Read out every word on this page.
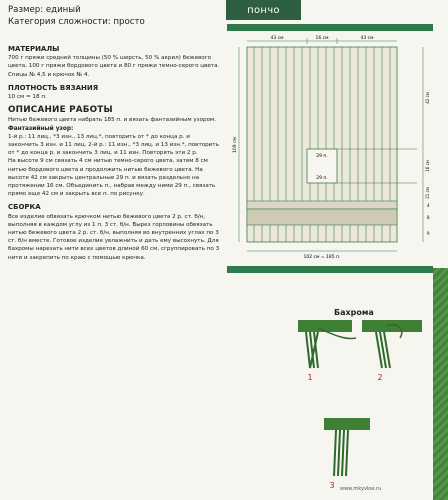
Размер: единый
Категория сложности: просто
пончо
МАТЕРИАЛЫ

700 г пряжи средней толщины (50 % шерсть, 50 % акрил) бежевого цвета, 100 г пряжи бордового цвета и 80 г пряжи темно-серого цвета.

Спицы № 4,5 и крючок № 4.

ПЛОТНОСТЬ ВЯЗАНИЯ

10 см = 18 п.

ОПИСАНИЕ РАБОТЫ

Нитью бежевого цвета набрать 185 п. и вязать фантазийным узором.

Фантазийный узор:

1-й р.: 11 лиц., *3 изн., 13 лиц.*, повторить от * до конца р. и закончить 3 изн. и 11 лиц. 2-й р.: 11 изн., *3 лиц. и 13 изн.*, повторить от * до конца р. и закончить 3 лиц. и 11 изн. Повторять эти 2 р.

На высоте 9 см связать 4 см нитью темно-серого цвета, затем 8 см нитью бордового цвета и продолжить нитью бежевого цвета. На высоте 42 см закрыть центральные 29 п. и вязать раздельно на протяжении 16 см. Объединить п., набрав между ними 29 п., связать прямо еще 42 см и закрыть все п. по рисунку.

СБОРКА

Все изделие обвязать крючком нитью бежевого цвета 2 р. ст. б/н, выполняя в каждом углу из 1 п. 3 ст. б/н. Вырез горловины обвязать нитью бежевого цвета 2 р. ст. б/н, выполняя во внутренних углах по 3 ст. б/н вместе. Готовое изделие увлажнить и дать ему высохнуть. Для бахромы нарезать нити всех цветов длиной 60 см, сгруппировать по 3 нити и закрепить по краю с помощью крючка.

43 см	16 см	43 см
109 см
42 см
16 см
21 см
8
4
9
29 п.
29 п.
102 см = 185 п.
Бахрома
1	2
3 www.mkyvloe.ru
